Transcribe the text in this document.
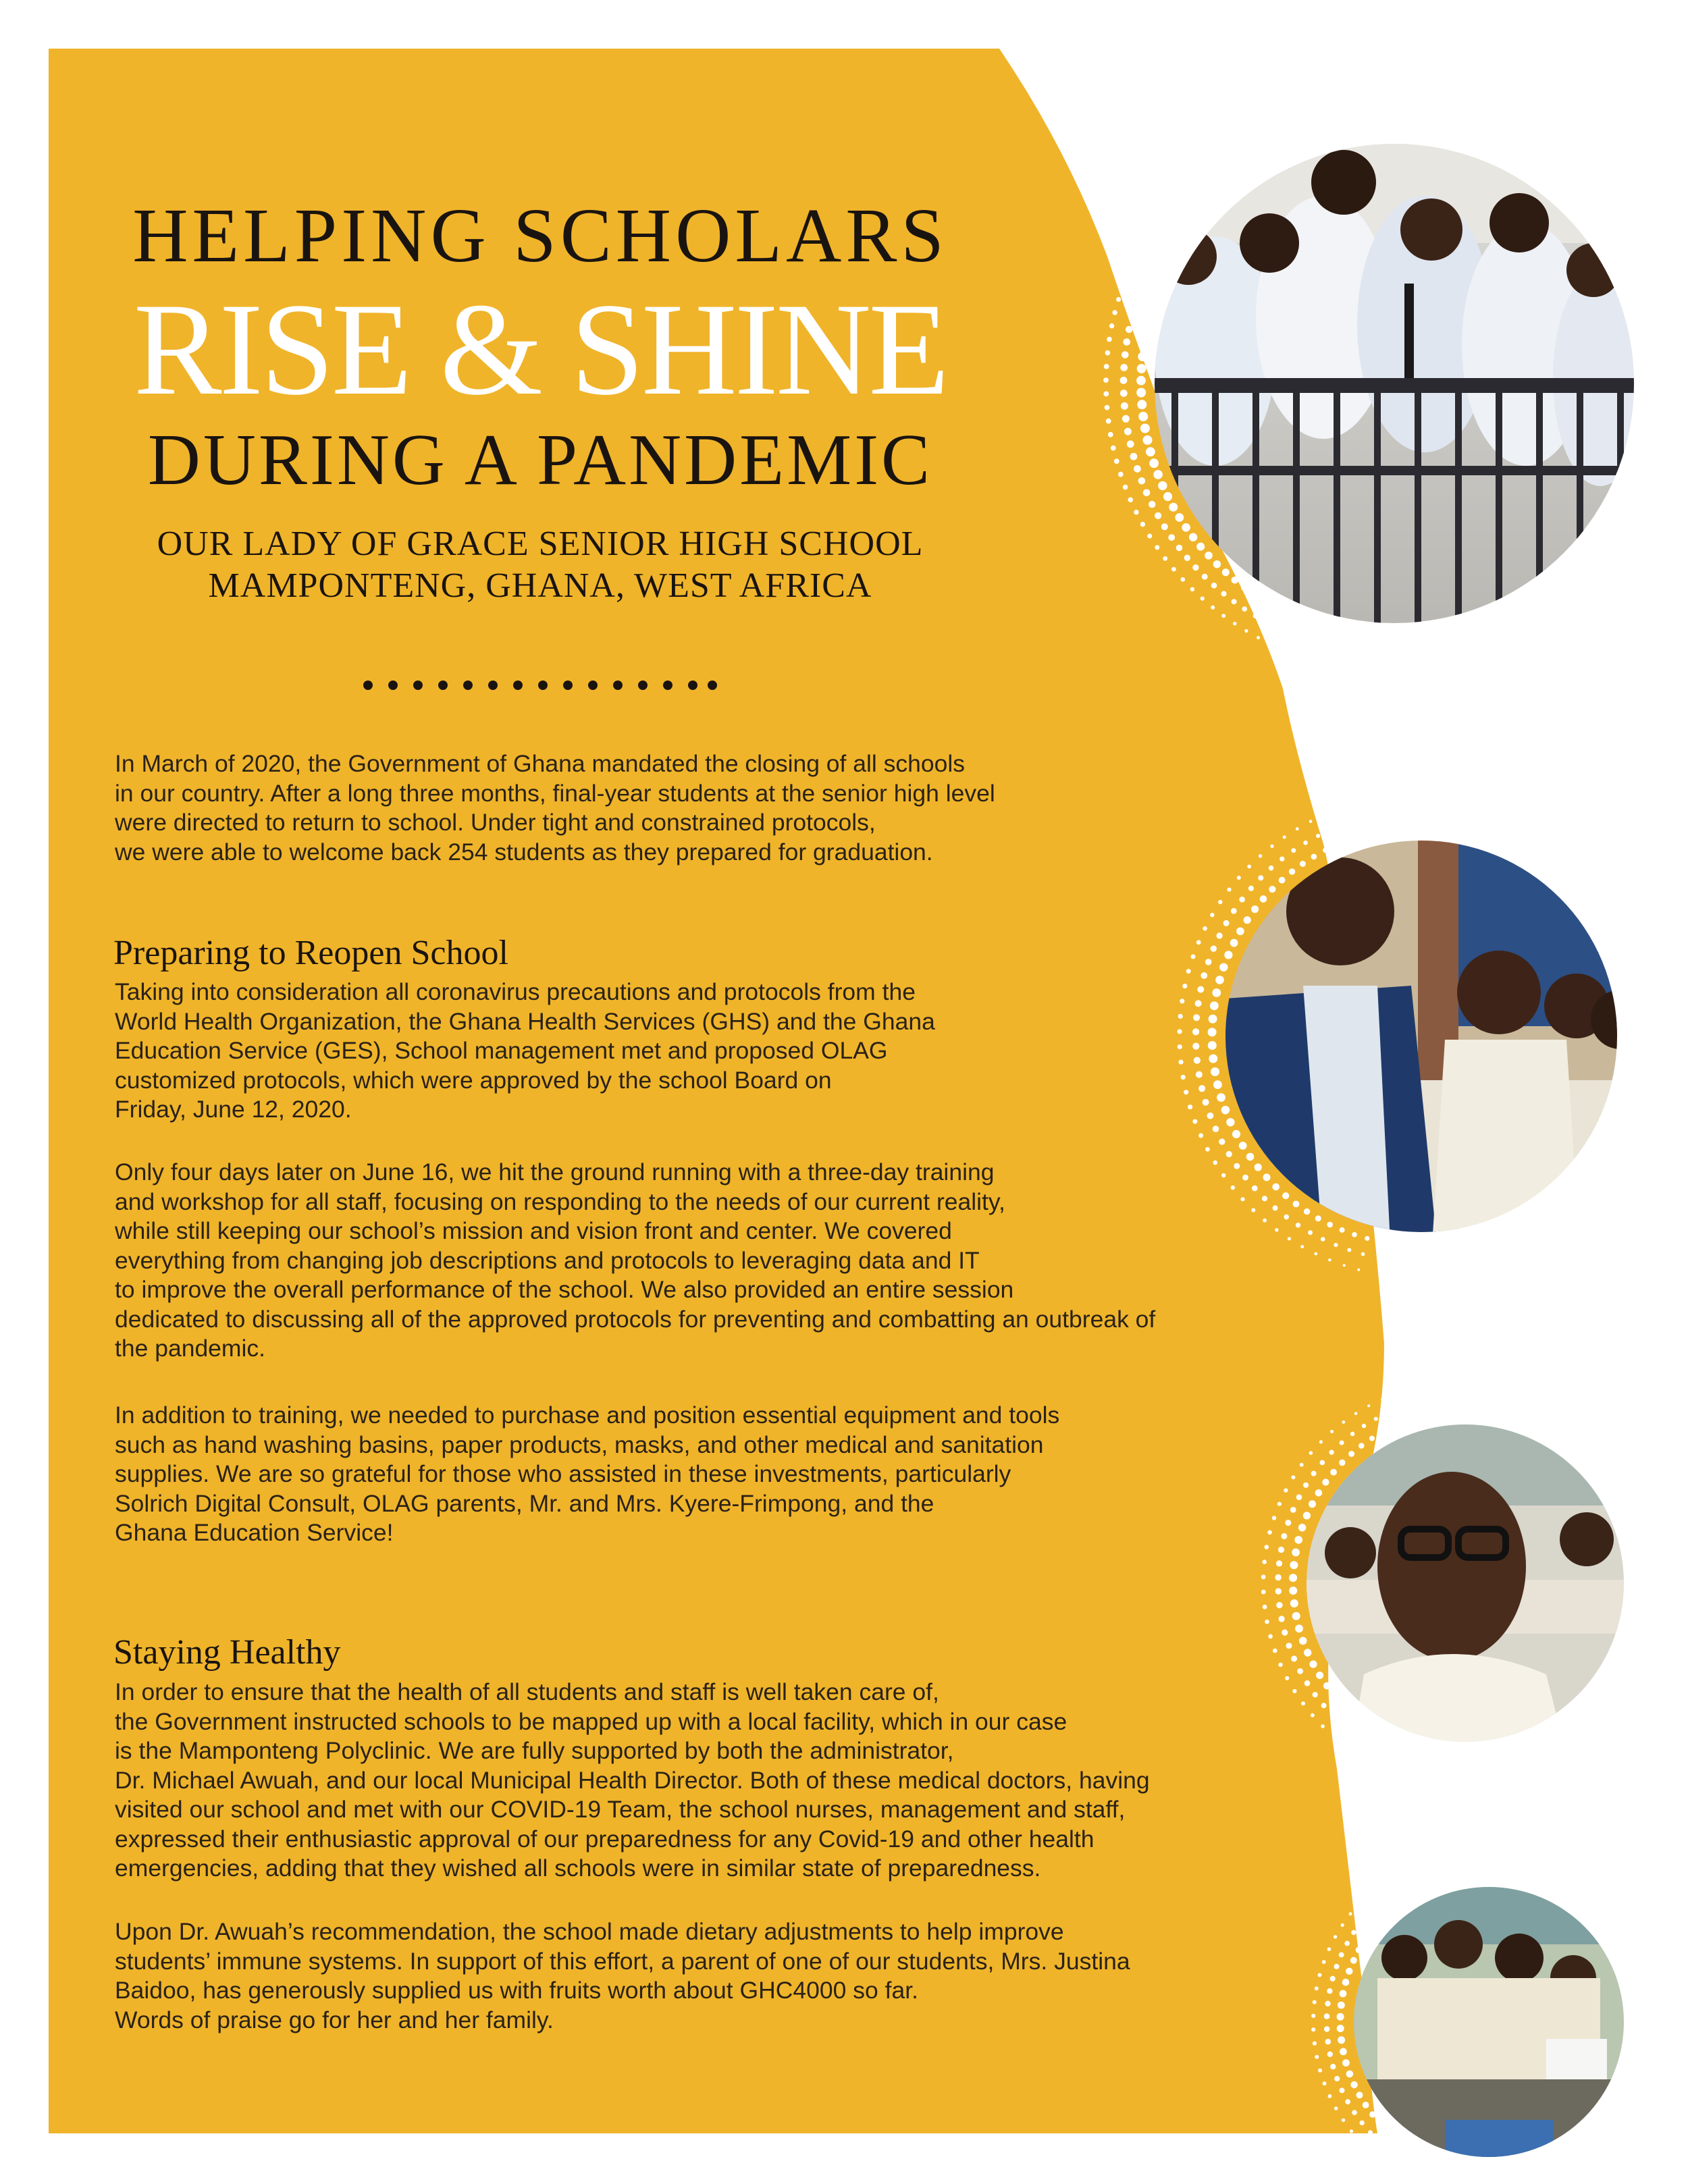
HELPING SCHOLARS
RISE & SHINE
DURING A PANDEMIC
OUR LADY OF GRACE SENIOR HIGH SCHOOL
MAMPONTENG, GHANA, WEST AFRICA

In March of 2020, the Government of Ghana mandated the closing of all schools
in our country. After a long three months, final-year students at the senior high level
were directed to return to school. Under tight and constrained protocols,
we were able to welcome back 254 students as they prepared for graduation.

Preparing to Reopen School

Taking into consideration all coronavirus precautions and protocols from the
World Health Organization, the Ghana Health Services (GHS) and the Ghana
Education Service (GES), School management met and proposed OLAG
customized protocols, which were approved by the school Board on
Friday, June 12, 2020.

Only four days later on June 16, we hit the ground running with a three-day training
and workshop for all staff, focusing on responding to the needs of our current reality,
while still keeping our school’s mission and vision front and center. We covered
everything from changing job descriptions and protocols to leveraging data and IT
to improve the overall performance of the school. We also provided an entire session
dedicated to discussing all of the approved protocols for preventing and combatting an outbreak of
the pandemic.

In addition to training, we needed to purchase and position essential equipment and tools
such as hand washing basins, paper products, masks, and other medical and sanitation
supplies. We are so grateful for those who assisted in these investments, particularly
Solrich Digital Consult, OLAG parents, Mr. and Mrs. Kyere-Frimpong, and the
Ghana Education Service!

Staying Healthy

In order to ensure that the health of all students and staff is well taken care of,
the Government instructed schools to be mapped up with a local facility, which in our case
is the Mamponteng Polyclinic. We are fully supported by both the administrator,
Dr. Michael Awuah, and our local Municipal Health Director. Both of these medical doctors, having
visited our school and met with our COVID-19 Team, the school nurses, management and staff,
expressed their enthusiastic approval of our preparedness for any Covid-19 and other health
emergencies, adding that they wished all schools were in similar state of preparedness.

Upon Dr. Awuah’s recommendation, the school made dietary adjustments to help improve
students’ immune systems. In support of this effort, a parent of one of our students, Mrs. Justina
Baidoo, has generously supplied us with fruits worth about GHC4000 so far.
Words of praise go for her and her family.
